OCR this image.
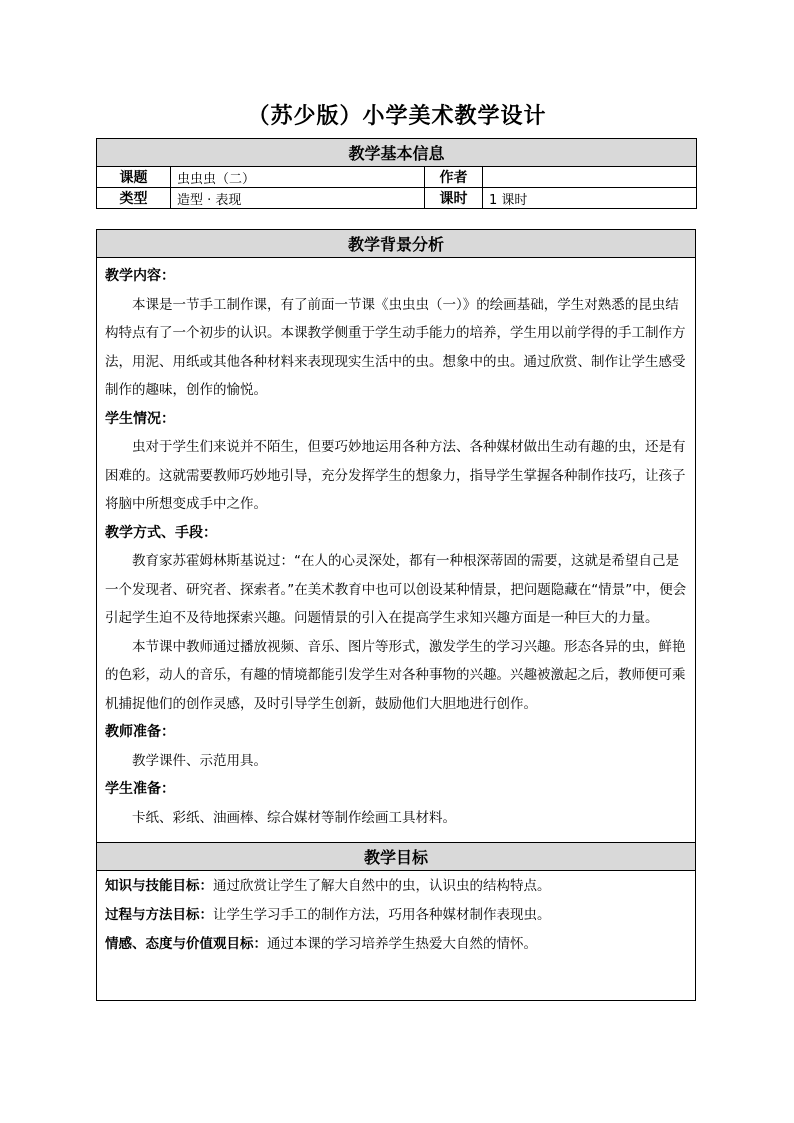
（苏少版）小学美术教学设计
教学基本信息			
课题	虫虫虫（二）	作者	
类型	造型 · 表现	课时	1 课时
教学背景分析

教学内容：

本课是一节手工制作课，有了前面一节课《虫虫虫（一）》的绘画基础，学生对熟悉的昆虫结构特点有了一个初步的认识。本课教学侧重于学生动手能力的培养，学生用以前学得的手工制作方法，用泥、用纸或其他各种材料来表现现实生活中的虫。想象中的虫。通过欣赏、制作让学生感受制作的趣味，创作的愉悦。

学生情况：

虫对于学生们来说并不陌生，但要巧妙地运用各种方法、各种媒材做出生动有趣的虫，还是有困难的。这就需要教师巧妙地引导，充分发挥学生的想象力，指导学生掌握各种制作技巧，让孩子将脑中所想变成手中之作。

教学方式、手段：

教育家苏霍姆林斯基说过：“在人的心灵深处，都有一种根深蒂固的需要，这就是希望自己是一个发现者、研究者、探索者。”在美术教育中也可以创设某种情景，把问题隐藏在“情景”中，便会引起学生迫不及待地探索兴趣。问题情景的引入在提高学生求知兴趣方面是一种巨大的力量。

本节课中教师通过播放视频、音乐、图片等形式，激发学生的学习兴趣。形态各异的虫，鲜艳的色彩，动人的音乐，有趣的情境都能引发学生对各种事物的兴趣。兴趣被激起之后，教师便可乘机捕捉他们的创作灵感，及时引导学生创新，鼓励他们大胆地进行创作。

教师准备：

教学课件、示范用具。

学生准备：

卡纸、彩纸、油画棒、综合媒材等制作绘画工具材料。

教学目标

知识与技能目标：通过欣赏让学生了解大自然中的虫，认识虫的结构特点。

过程与方法目标：让学生学习手工的制作方法，巧用各种媒材制作表现虫。

情感、态度与价值观目标：通过本课的学习培养学生热爱大自然的情怀。
